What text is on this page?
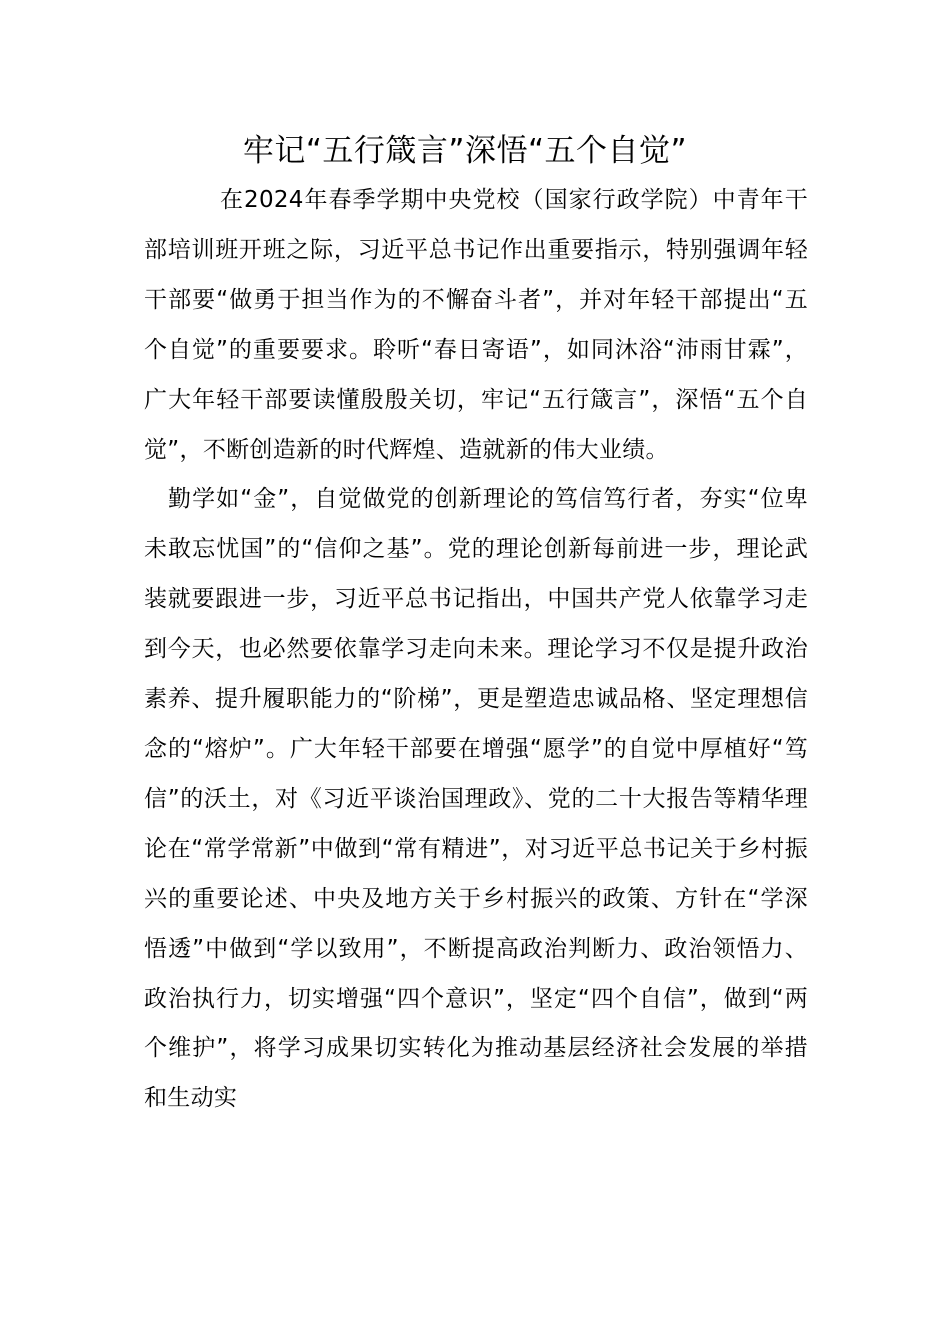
牢记“五行箴言”深悟“五个自觉”

在2024年春季学期中央党校（国家行政学院）中青年干部培训班开班之际，习近平总书记作出重要指示，特别强调年轻干部要“做勇于担当作为的不懈奋斗者”，并对年轻干部提出“五个自觉”的重要要求。聆听“春日寄语”，如同沐浴“沛雨甘霖”，广大年轻干部要读懂殷殷关切，牢记“五行箴言”，深悟“五个自觉”，不断创造新的时代辉煌、造就新的伟大业绩。

勤学如“金”，自觉做党的创新理论的笃信笃行者，夯实“位卑未敢忘忧国”的“信仰之基”。党的理论创新每前进一步，理论武装就要跟进一步，习近平总书记指出，中国共产党人依靠学习走到今天，也必然要依靠学习走向未来。理论学习不仅是提升政治素养、提升履职能力的“阶梯”，更是塑造忠诚品格、坚定理想信念的“熔炉”。广大年轻干部要在增强“愿学”的自觉中厚植好“笃信”的沃土，对《习近平谈治国理政》、党的二十大报告等精华理论在“常学常新”中做到“常有精进”，对习近平总书记关于乡村振兴的重要论述、中央及地方关于乡村振兴的政策、方针在“学深悟透”中做到“学以致用”，不断提高政治判断力、政治领悟力、政治执行力，切实增强“四个意识”，坚定“四个自信”，做到“两个维护”，将学习成果切实转化为推动基层经济社会发展的举措和生动实
